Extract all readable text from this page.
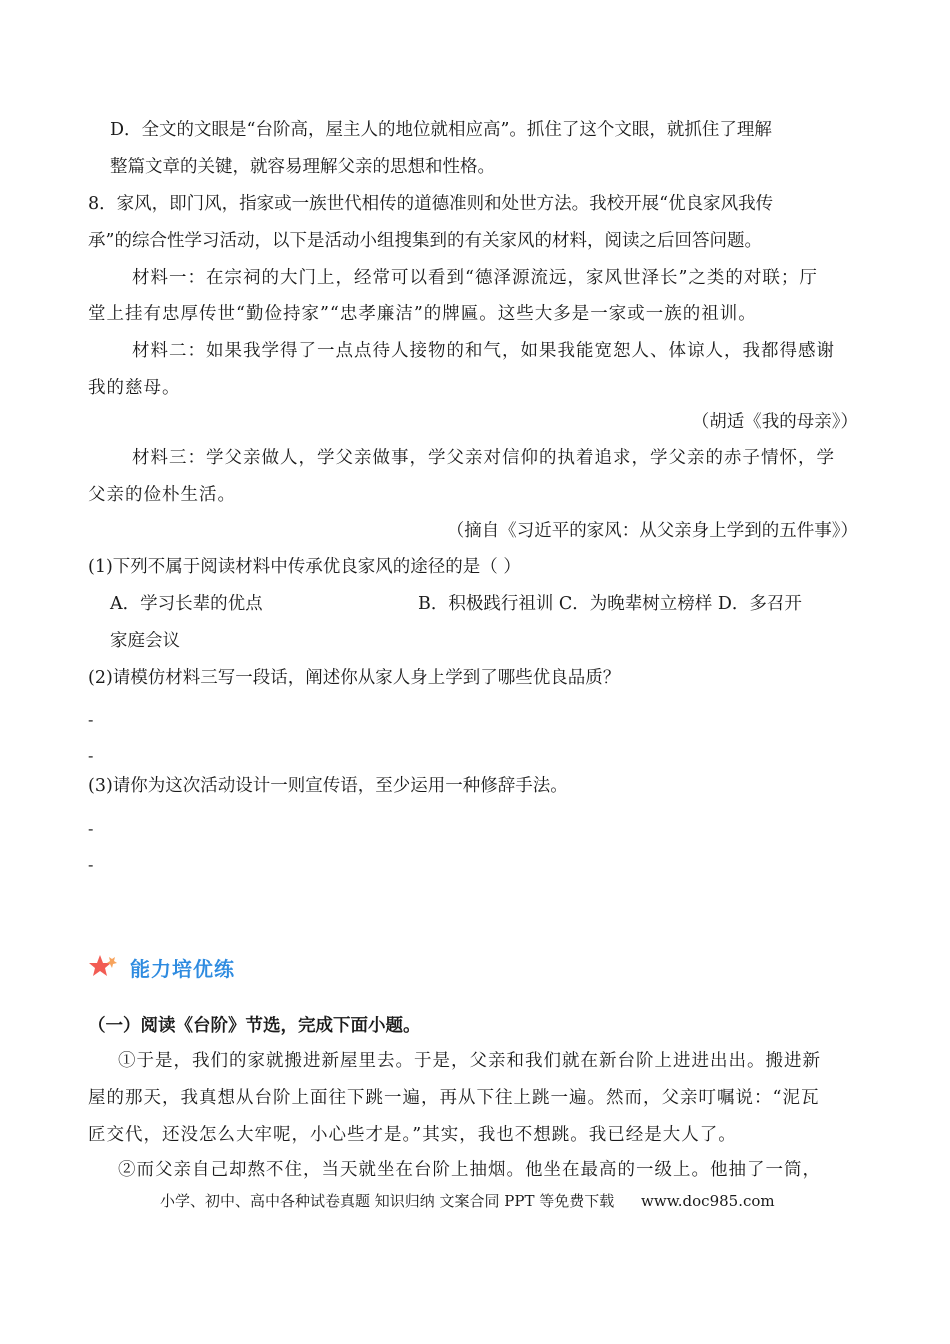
D．全文的文眼是“台阶高，屋主人的地位就相应高”。抓住了这个文眼，就抓住了理解
整篇文章的关键，就容易理解父亲的思想和性格。
8．家风，即门风，指家或一族世代相传的道德准则和处世方法。我校开展“优良家风我传
承”的综合性学习活动，以下是活动小组搜集到的有关家风的材料，阅读之后回答问题。
材料一：在宗祠的大门上，经常可以看到“德泽源流远，家风世泽长”之类的对联；厅
堂上挂有忠厚传世“勤俭持家”“忠孝廉洁”的牌匾。这些大多是一家或一族的祖训。
材料二：如果我学得了一点点待人接物的和气，如果我能宽恕人、体谅人，我都得感谢
我的慈母。
（胡适《我的母亲》）
材料三：学父亲做人，学父亲做事，学父亲对信仰的执着追求，学父亲的赤子情怀，学
父亲的俭朴生活。
（摘自《习近平的家风：从父亲身上学到的五件事》）
(1)下列不属于阅读材料中传承优良家风的途径的是（ ）
A．学习长辈的优点	B．积极践行祖训 C．为晚辈树立榜样 D．多召开
家庭会议
(2)请模仿材料三写一段话，阐述你从家人身上学到了哪些优良品质？
-
-
(3)请你为这次活动设计一则宣传语，至少运用一种修辞手法。
-
-
能力培优练
（一）阅读《台阶》节选，完成下面小题。
①于是，我们的家就搬进新屋里去。于是，父亲和我们就在新台阶上进进出出。搬进新
屋的那天，我真想从台阶上面往下跳一遍，再从下往上跳一遍。然而，父亲叮嘱说：“泥瓦
匠交代，还没怎么大牢呢，小心些才是。”其实，我也不想跳。我已经是大人了。
②而父亲自己却熬不住，当天就坐在台阶上抽烟。他坐在最高的一级上。他抽了一筒，
小学、初中、高中各种试卷真题 知识归纳 文案合同 PPT 等免费下载 www.doc985.com
